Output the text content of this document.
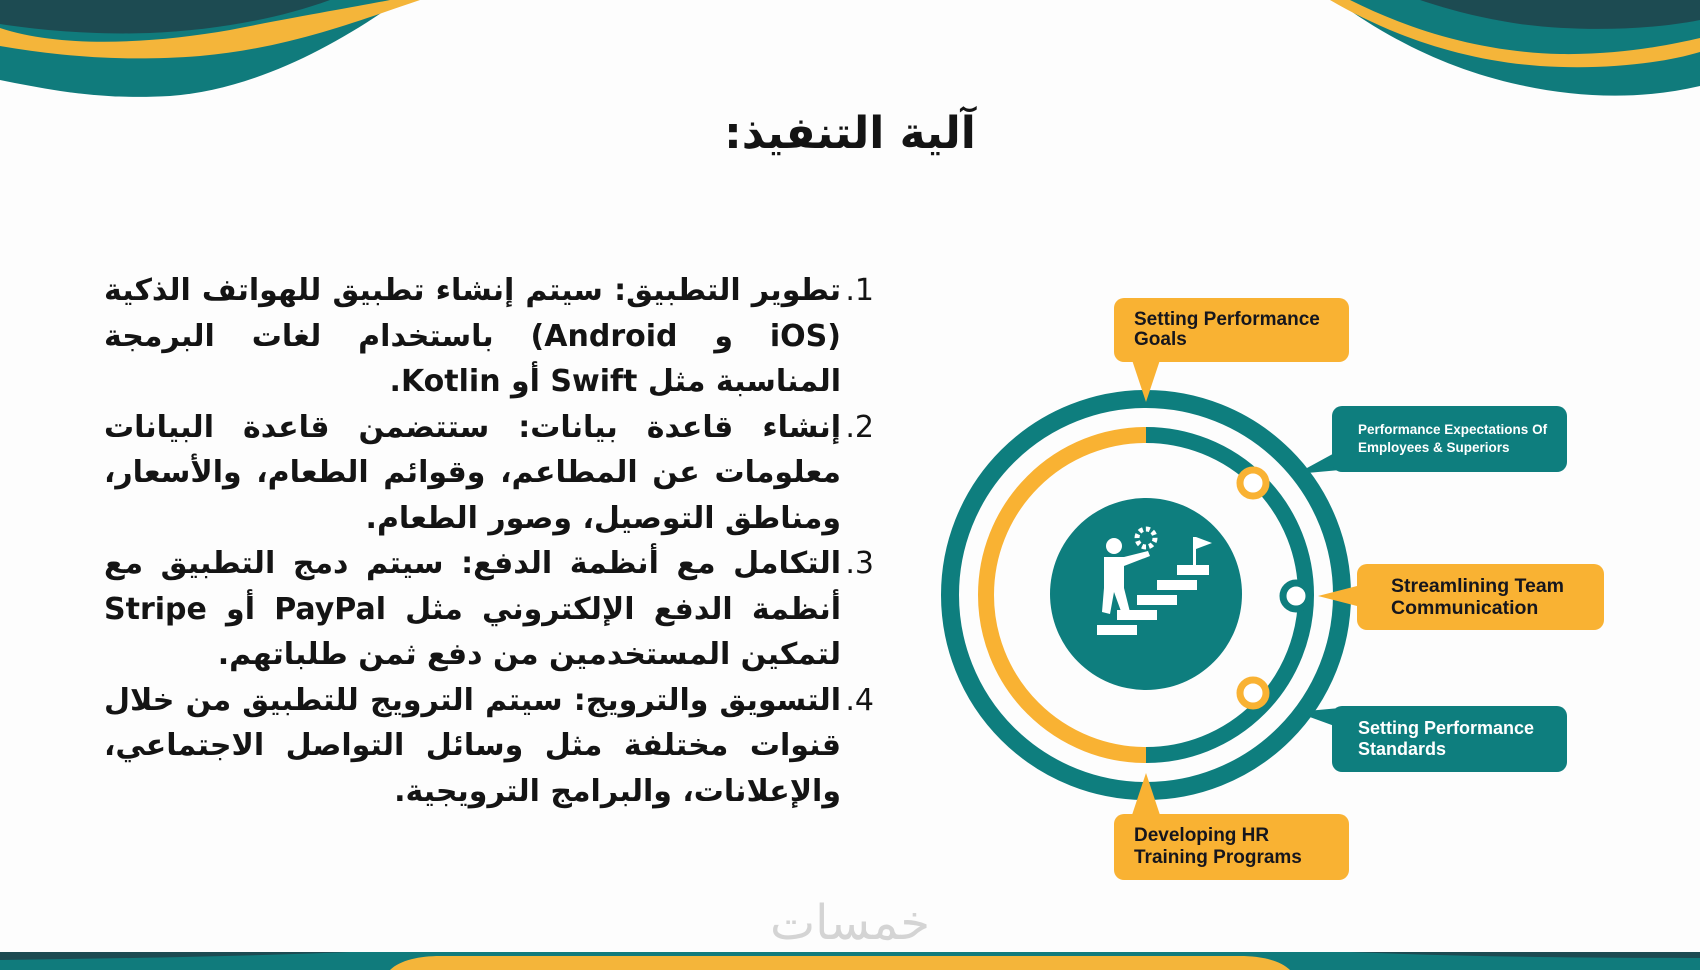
آلية التنفيذ:
1.
تطوير التطبيق: سيتم إنشاء تطبيق للهواتف الذكية (iOS و Android) باستخدام لغات البرمجة المناسبة مثل Swift أو Kotlin.
2.
إنشاء قاعدة بيانات: ستتضمن قاعدة البيانات معلومات عن المطاعم، وقوائم الطعام، والأسعار، ومناطق التوصيل، وصور الطعام.
3.
التكامل مع أنظمة الدفع: سيتم دمج التطبيق مع أنظمة الدفع الإلكتروني مثل PayPal أو Stripe لتمكين المستخدمين من دفع ثمن طلباتهم.
4.
التسويق والترويج: سيتم الترويج للتطبيق من خلال قنوات مختلفة مثل وسائل التواصل الاجتماعي، والإعلانات، والبرامج الترويجية.
Setting Performance Goals
Performance Expectations Of Employees & Superiors
Streamlining Team Communication
Setting Performance Standards
Developing HR Training Programs
خمسات
